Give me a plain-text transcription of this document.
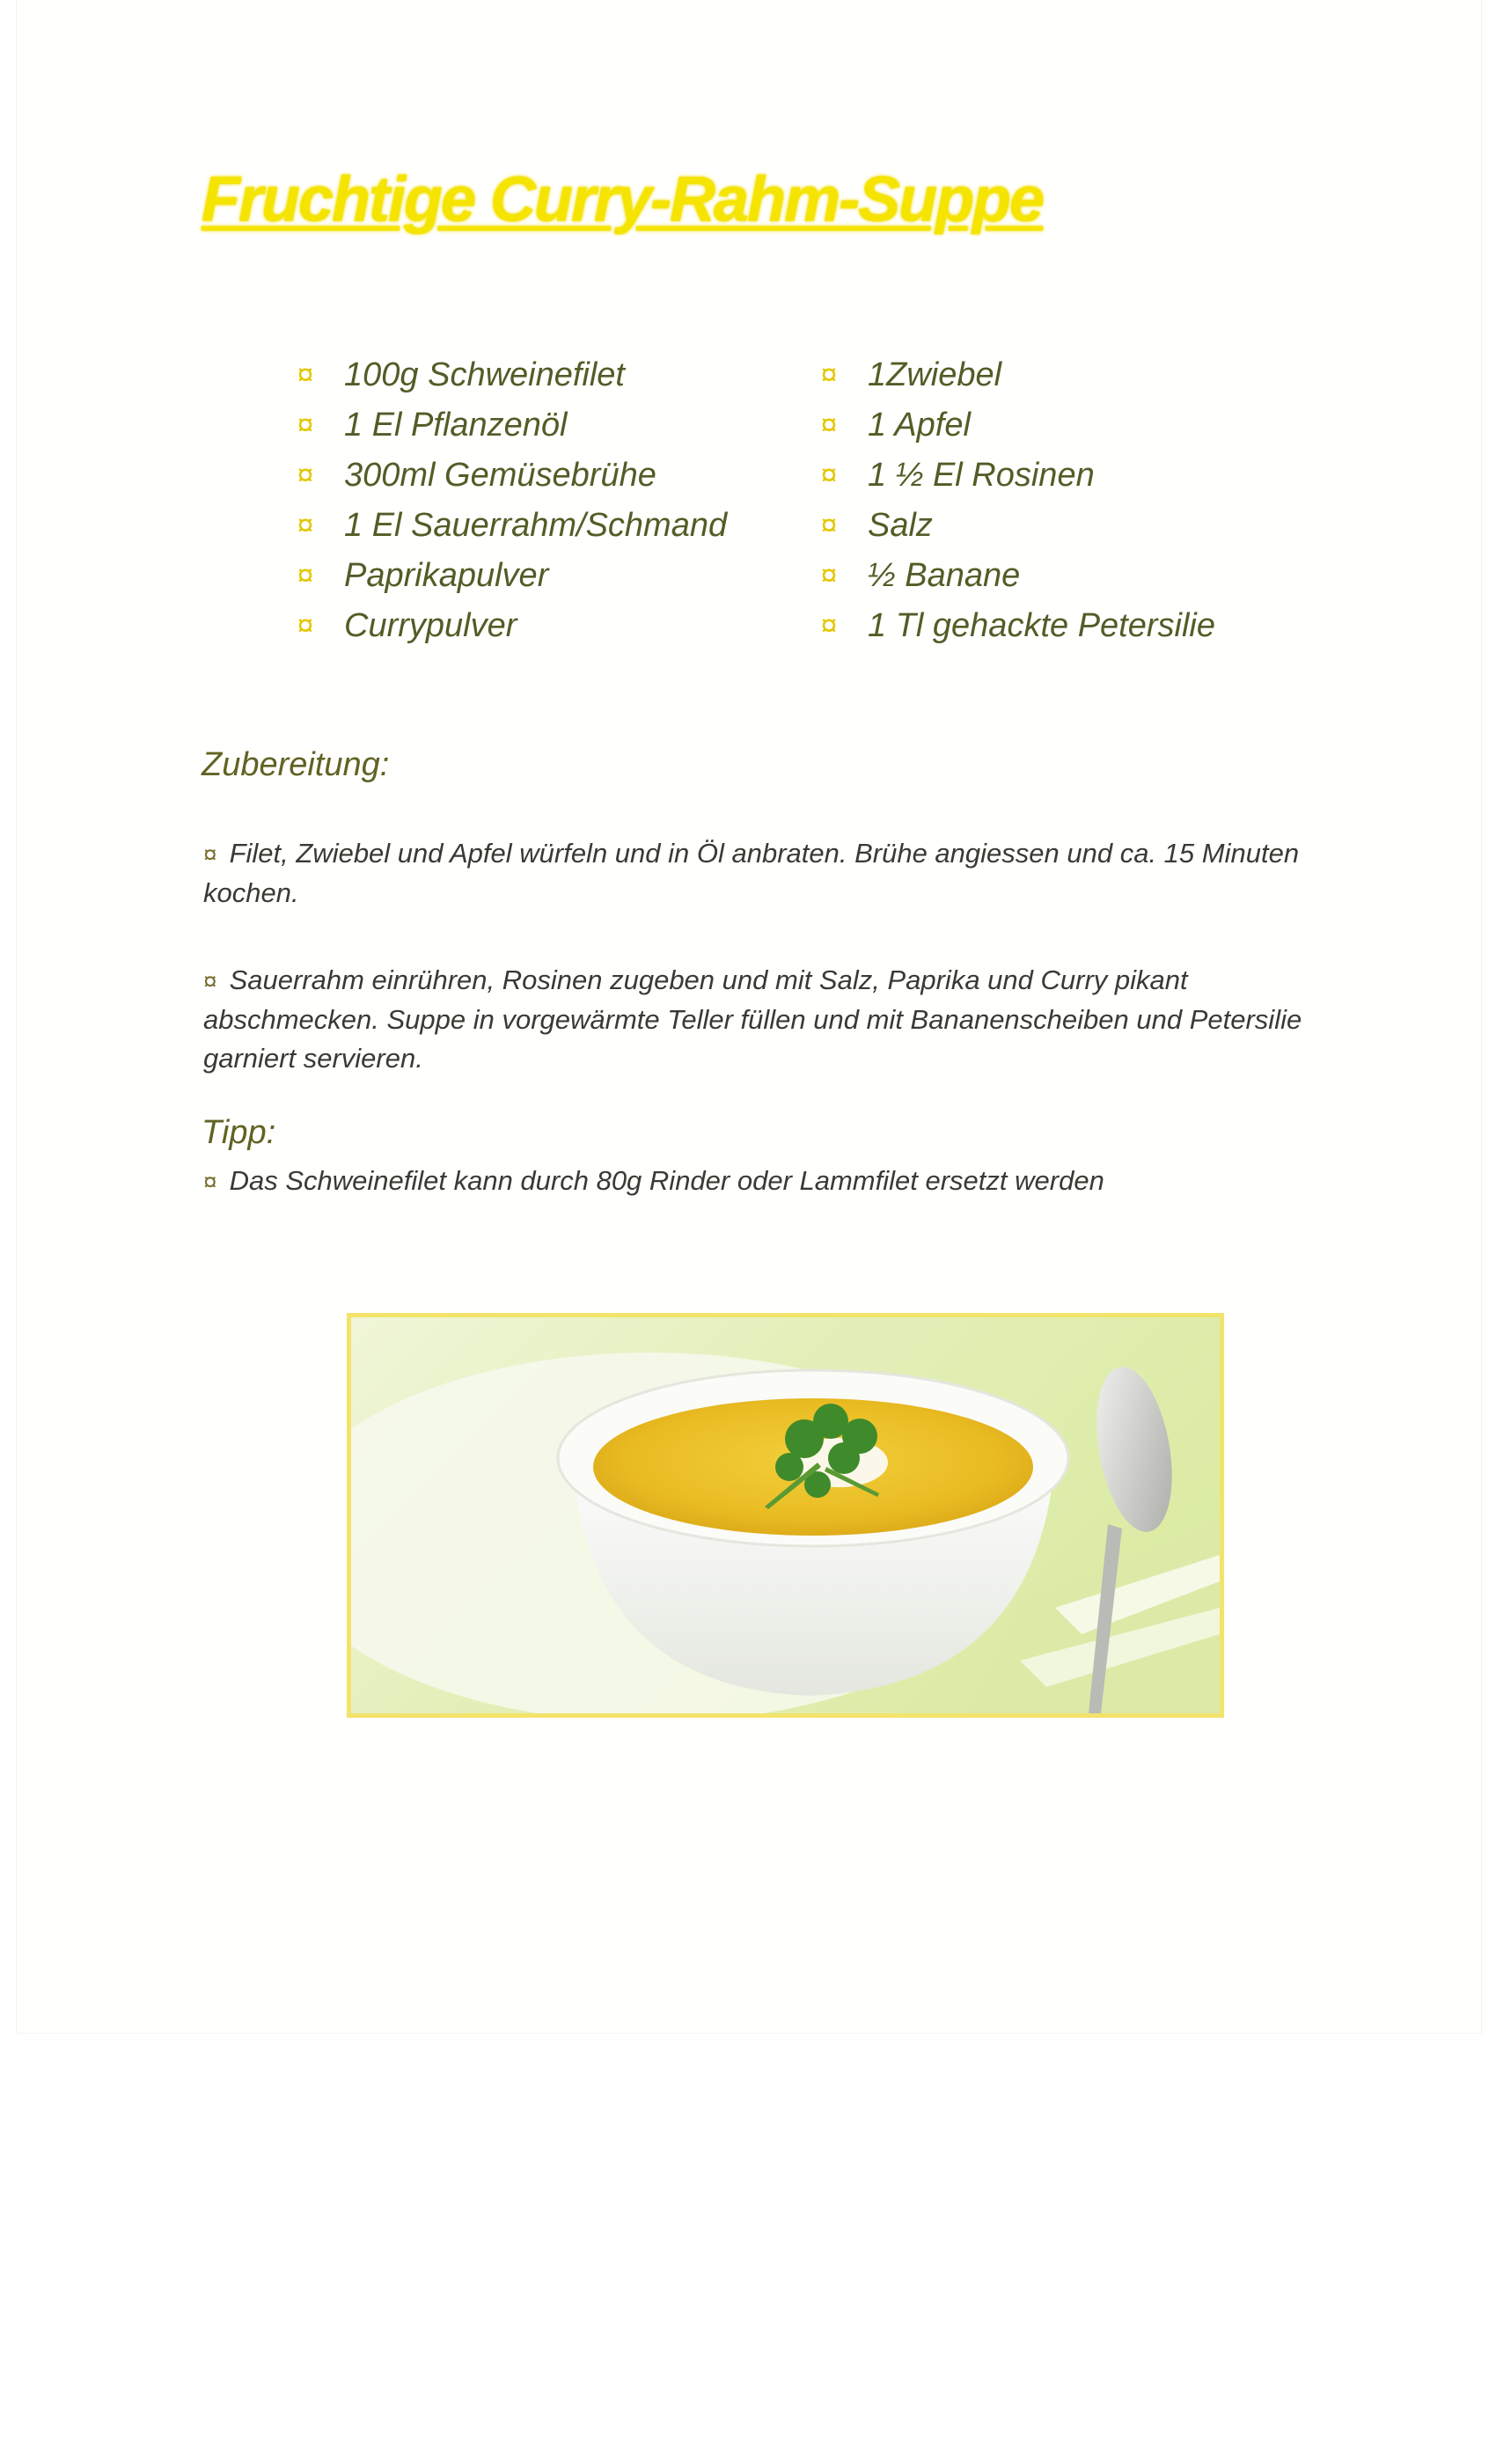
Fruchtige Curry-Rahm-Suppe
¤ 100g Schweinefilet
¤ 1 El Pflanzenöl
¤ 300ml Gemüsebrühe
¤ 1 El Sauerrahm/Schmand
¤ Paprikapulver
¤ Currypulver
¤ 1Zwiebel
¤ 1 Apfel
¤ 1 ½ El Rosinen
¤ Salz
¤ ½ Banane
¤ 1 Tl gehackte Petersilie
Zubereitung:

¤ Filet, Zwiebel und Apfel würfeln und in Öl anbraten. Brühe angiessen und ca. 15 Minuten kochen.

¤ Sauerrahm einrühren, Rosinen zugeben und mit Salz, Paprika und Curry pikant abschmecken. Suppe in vorgewärmte Teller füllen und mit Bananenscheiben und Petersilie garniert servieren.

Tipp:

¤ Das Schweinefilet kann durch 80g Rinder oder Lammfilet ersetzt werden
